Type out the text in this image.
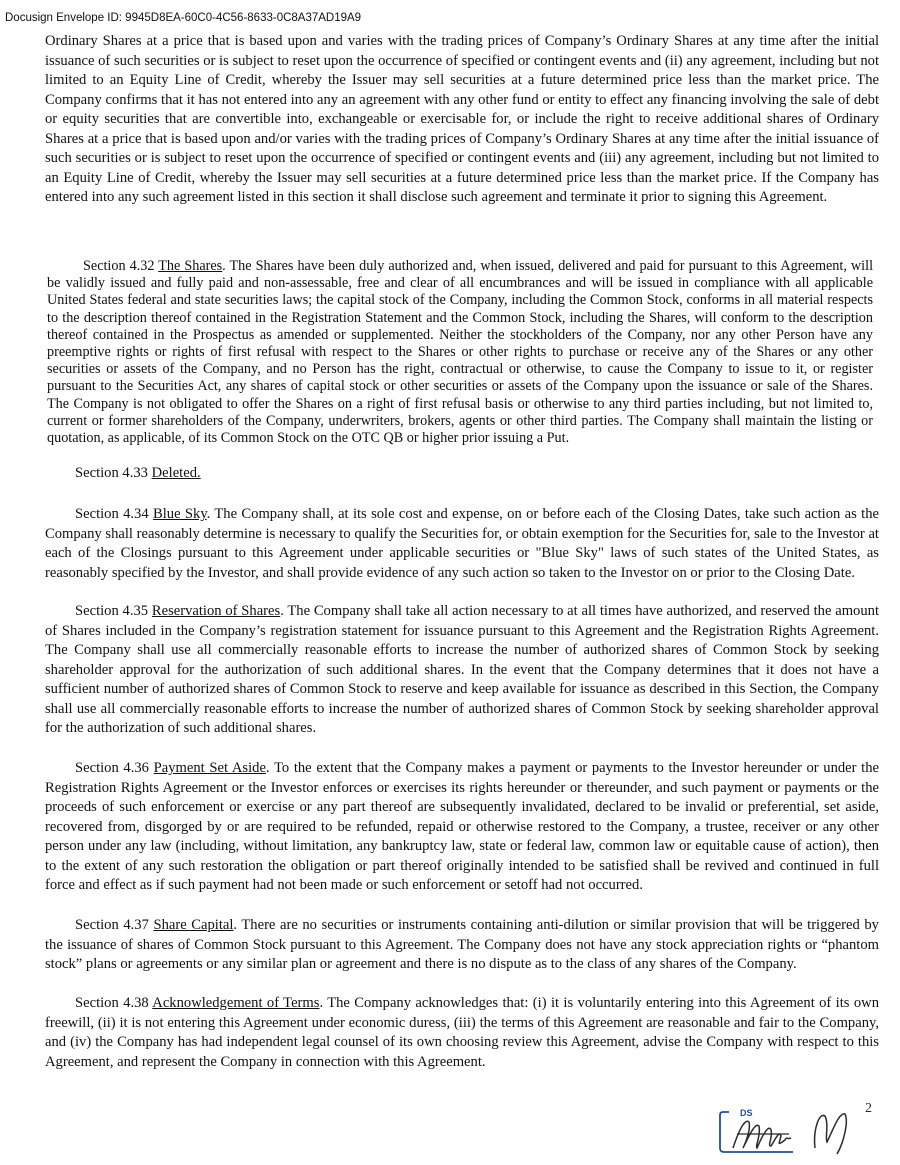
Docusign Envelope ID: 9945D8EA-60C0-4C56-8633-0C8A37AD19A9

Ordinary Shares at a price that is based upon and varies with the trading prices of Company’s Ordinary Shares at any time after the initial issuance of such securities or is subject to reset upon the occurrence of specified or contingent events and (ii) any agreement, including but not limited to an Equity Line of Credit, whereby the Issuer may sell securities at a future determined price less than the market price. The Company confirms that it has not entered into any an agreement with any other fund or entity to effect any financing involving the sale of debt or equity securities that are convertible into, exchangeable or exercisable for, or include the right to receive additional shares of Ordinary Shares at a price that is based upon and/or varies with the trading prices of Company’s Ordinary Shares at any time after the initial issuance of such securities or is subject to reset upon the occurrence of specified or contingent events and (iii) any agreement, including but not limited to an Equity Line of Credit, whereby the Issuer may sell securities at a future determined price less than the market price. If the Company has entered into any such agreement listed in this section it shall disclose such agreement and terminate it prior to signing this Agreement.

Section 4.32 The Shares. The Shares have been duly authorized and, when issued, delivered and paid for pursuant to this Agreement, will be validly issued and fully paid and non-assessable, free and clear of all encumbrances and will be issued in compliance with all applicable United States federal and state securities laws; the capital stock of the Company, including the Common Stock, conforms in all material respects to the description thereof contained in the Registration Statement and the Common Stock, including the Shares, will conform to the description thereof contained in the Prospectus as amended or supplemented. Neither the stockholders of the Company, nor any other Person have any preemptive rights or rights of first refusal with respect to the Shares or other rights to purchase or receive any of the Shares or any other securities or assets of the Company, and no Person has the right, contractual or otherwise, to cause the Company to issue to it, or register pursuant to the Securities Act, any shares of capital stock or other securities or assets of the Company upon the issuance or sale of the Shares. The Company is not obligated to offer the Shares on a right of first refusal basis or otherwise to any third parties including, but not limited to, current or former shareholders of the Company, underwriters, brokers, agents or other third parties. The Company shall maintain the listing or quotation, as applicable, of its Common Stock on the OTC QB or higher prior issuing a Put.

Section 4.33 Deleted.

Section 4.34 Blue Sky. The Company shall, at its sole cost and expense, on or before each of the Closing Dates, take such action as the Company shall reasonably determine is necessary to qualify the Securities for, or obtain exemption for the Securities for, sale to the Investor at each of the Closings pursuant to this Agreement under applicable securities or "Blue Sky" laws of such states of the United States, as reasonably specified by the Investor, and shall provide evidence of any such action so taken to the Investor on or prior to the Closing Date.

Section 4.35 Reservation of Shares. The Company shall take all action necessary to at all times have authorized, and reserved the amount of Shares included in the Company’s registration statement for issuance pursuant to this Agreement and the Registration Rights Agreement. The Company shall use all commercially reasonable efforts to increase the number of authorized shares of Common Stock by seeking shareholder approval for the authorization of such additional shares. In the event that the Company determines that it does not have a sufficient number of authorized shares of Common Stock to reserve and keep available for issuance as described in this Section, the Company shall use all commercially reasonable efforts to increase the number of authorized shares of Common Stock by seeking shareholder approval for the authorization of such additional shares.

Section 4.36 Payment Set Aside. To the extent that the Company makes a payment or payments to the Investor hereunder or under the Registration Rights Agreement or the Investor enforces or exercises its rights hereunder or thereunder, and such payment or payments or the proceeds of such enforcement or exercise or any part thereof are subsequently invalidated, declared to be invalid or preferential, set aside, recovered from, disgorged by or are required to be refunded, repaid or otherwise restored to the Company, a trustee, receiver or any other person under any law (including, without limitation, any bankruptcy law, state or federal law, common law or equitable cause of action), then to the extent of any such restoration the obligation or part thereof originally intended to be satisfied shall be revived and continued in full force and effect as if such payment had not been made or such enforcement or setoff had not occurred.

Section 4.37 Share Capital. There are no securities or instruments containing anti-dilution or similar provision that will be triggered by the issuance of shares of Common Stock pursuant to this Agreement. The Company does not have any stock appreciation rights or “phantom stock” plans or agreements or any similar plan or agreement and there is no dispute as to the class of any shares of the Company.

Section 4.38 Acknowledgement of Terms. The Company acknowledges that: (i) it is voluntarily entering into this Agreement of its own freewill, (ii) it is not entering this Agreement under economic duress, (iii) the terms of this Agreement are reasonable and fair to the Company, and (iv) the Company has had independent legal counsel of its own choosing review this Agreement, advise the Company with respect to this Agreement, and represent the Company in connection with this Agreement.

DS	2
